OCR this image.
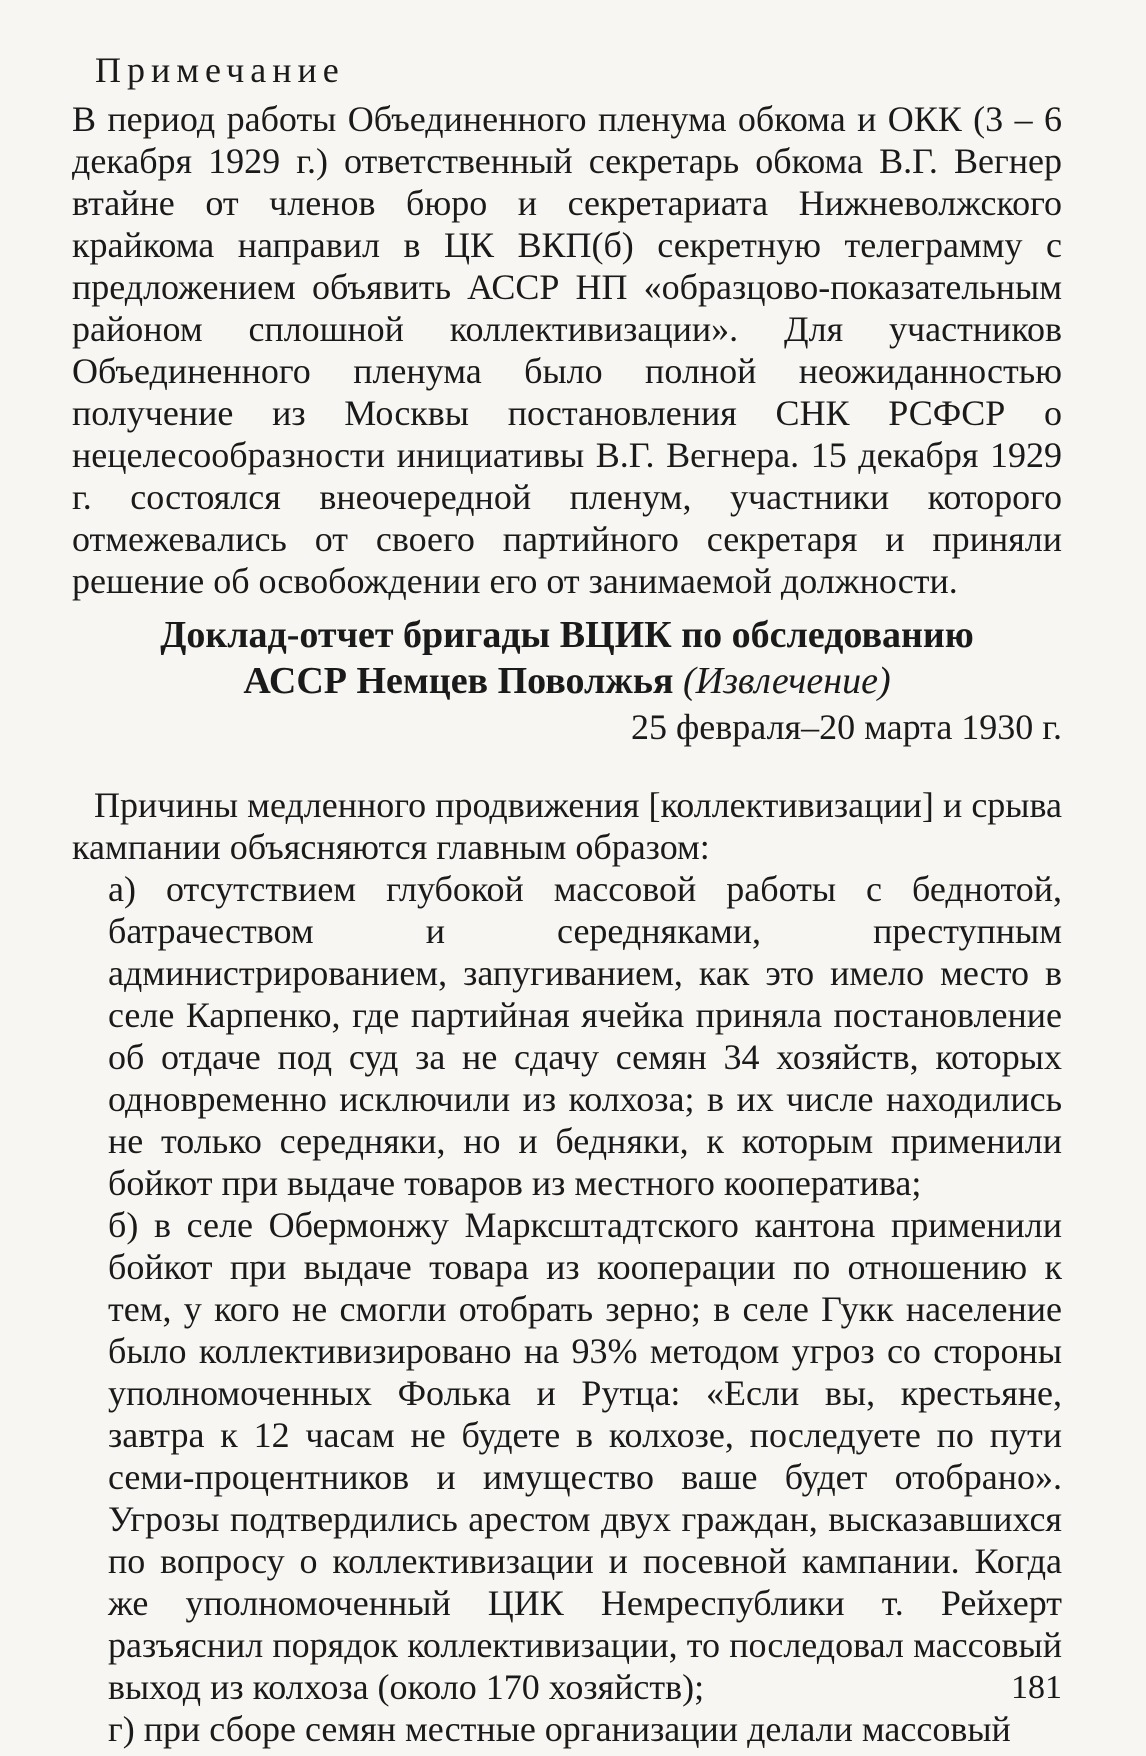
Примечание

В период работы Объединенного пленума обкома и ОКК (3 – 6 декабря 1929 г.) ответственный секретарь обкома В.Г. Вегнер втайне от членов бюро и секретариата Нижневолжского крайкома направил в ЦК ВКП(б) секретную телеграмму с предложением объявить АССР НП «образцово-показательным районом сплошной коллективизации». Для участников Объединенного пленума было полной неожиданностью получение из Москвы постановления СНК РСФСР о нецелесообразности инициативы В.Г. Вегнера. 15 декабря 1929 г. состоялся внеочередной пленум, участники которого отмежевались от своего партийного секретаря и приняли решение об освобождении его от занимаемой должности.

Доклад-отчет бригады ВЦИК по обследованию
АССР Немцев Поволжья (Извлечение)
25 февраля–20 марта 1930 г.

Причины медленного продвижения [коллективизации] и срыва кампании объясняются главным образом:

а) отсутствием глубокой массовой работы с беднотой, батрачеством и середняками, преступным администрированием, запугиванием, как это имело место в селе Карпенко, где партийная ячейка приняла постановление об отдаче под суд за не сдачу семян 34 хозяйств, которых одновременно исключили из колхоза; в их числе находились не только середняки, но и бедняки, к которым применили бойкот при выдаче товаров из местного кооператива;

б) в селе Обермонжу Марксштадтского кантона применили бойкот при выдаче товара из кооперации по отношению к тем, у кого не смогли отобрать зерно; в селе Гукк население было коллективизировано на 93% методом угроз со стороны уполномоченных Фолька и Рутца: «Если вы, крестьяне, завтра к 12 часам не будете в колхозе, последуете по пути семи-процентников и имущество ваше будет отобрано». Угрозы подтвердились арестом двух граждан, высказавшихся по вопросу о коллективизации и посевной кампании. Когда же уполномоченный ЦИК Немреспублики т. Рейхерт разъяснил порядок коллективизации, то последовал массовый выход из колхоза (около 170 хозяйств);

г) при сборе семян местные организации делали массовый

181
